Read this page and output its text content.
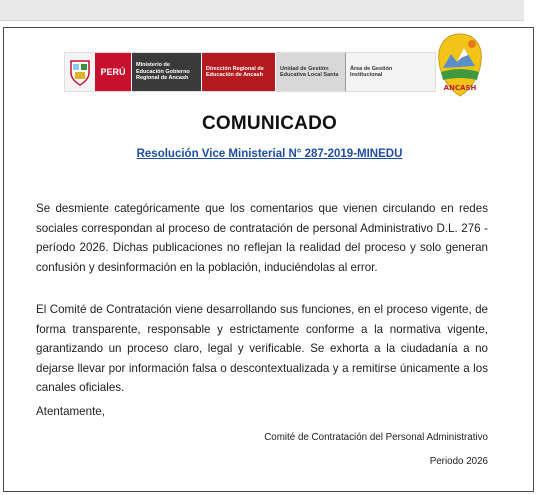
PERÚ
Ministerio de Educación Gobierno Regional de Ancash
Dirección Regional de Educación de Ancash
Unidad de Gestión Educativa Local Santa
Área de Gestión Institucional
ANCASH
COMUNICADO
Resolución Vice Ministerial N° 287-2019-MINEDU

Se desmiente categóricamente que los comentarios que vienen circulando en redes sociales correspondan al proceso de contratación de personal Administrativo D.L. 276 - período 2026. Dichas publicaciones no reflejan la realidad del proceso y solo generan confusión y desinformación en la población, induciéndolas al error.

El Comité de Contratación viene desarrollando sus funciones, en el proceso vigente, de forma transparente, responsable y estrictamente conforme a la normativa vigente, garantizando un proceso claro, legal y verificable. Se exhorta a la ciudadanía a no dejarse llevar por información falsa o descontextualizada y a remitirse únicamente a los canales oficiales.

Atentamente,
Comité de Contratación del Personal Administrativo
Periodo 2026
